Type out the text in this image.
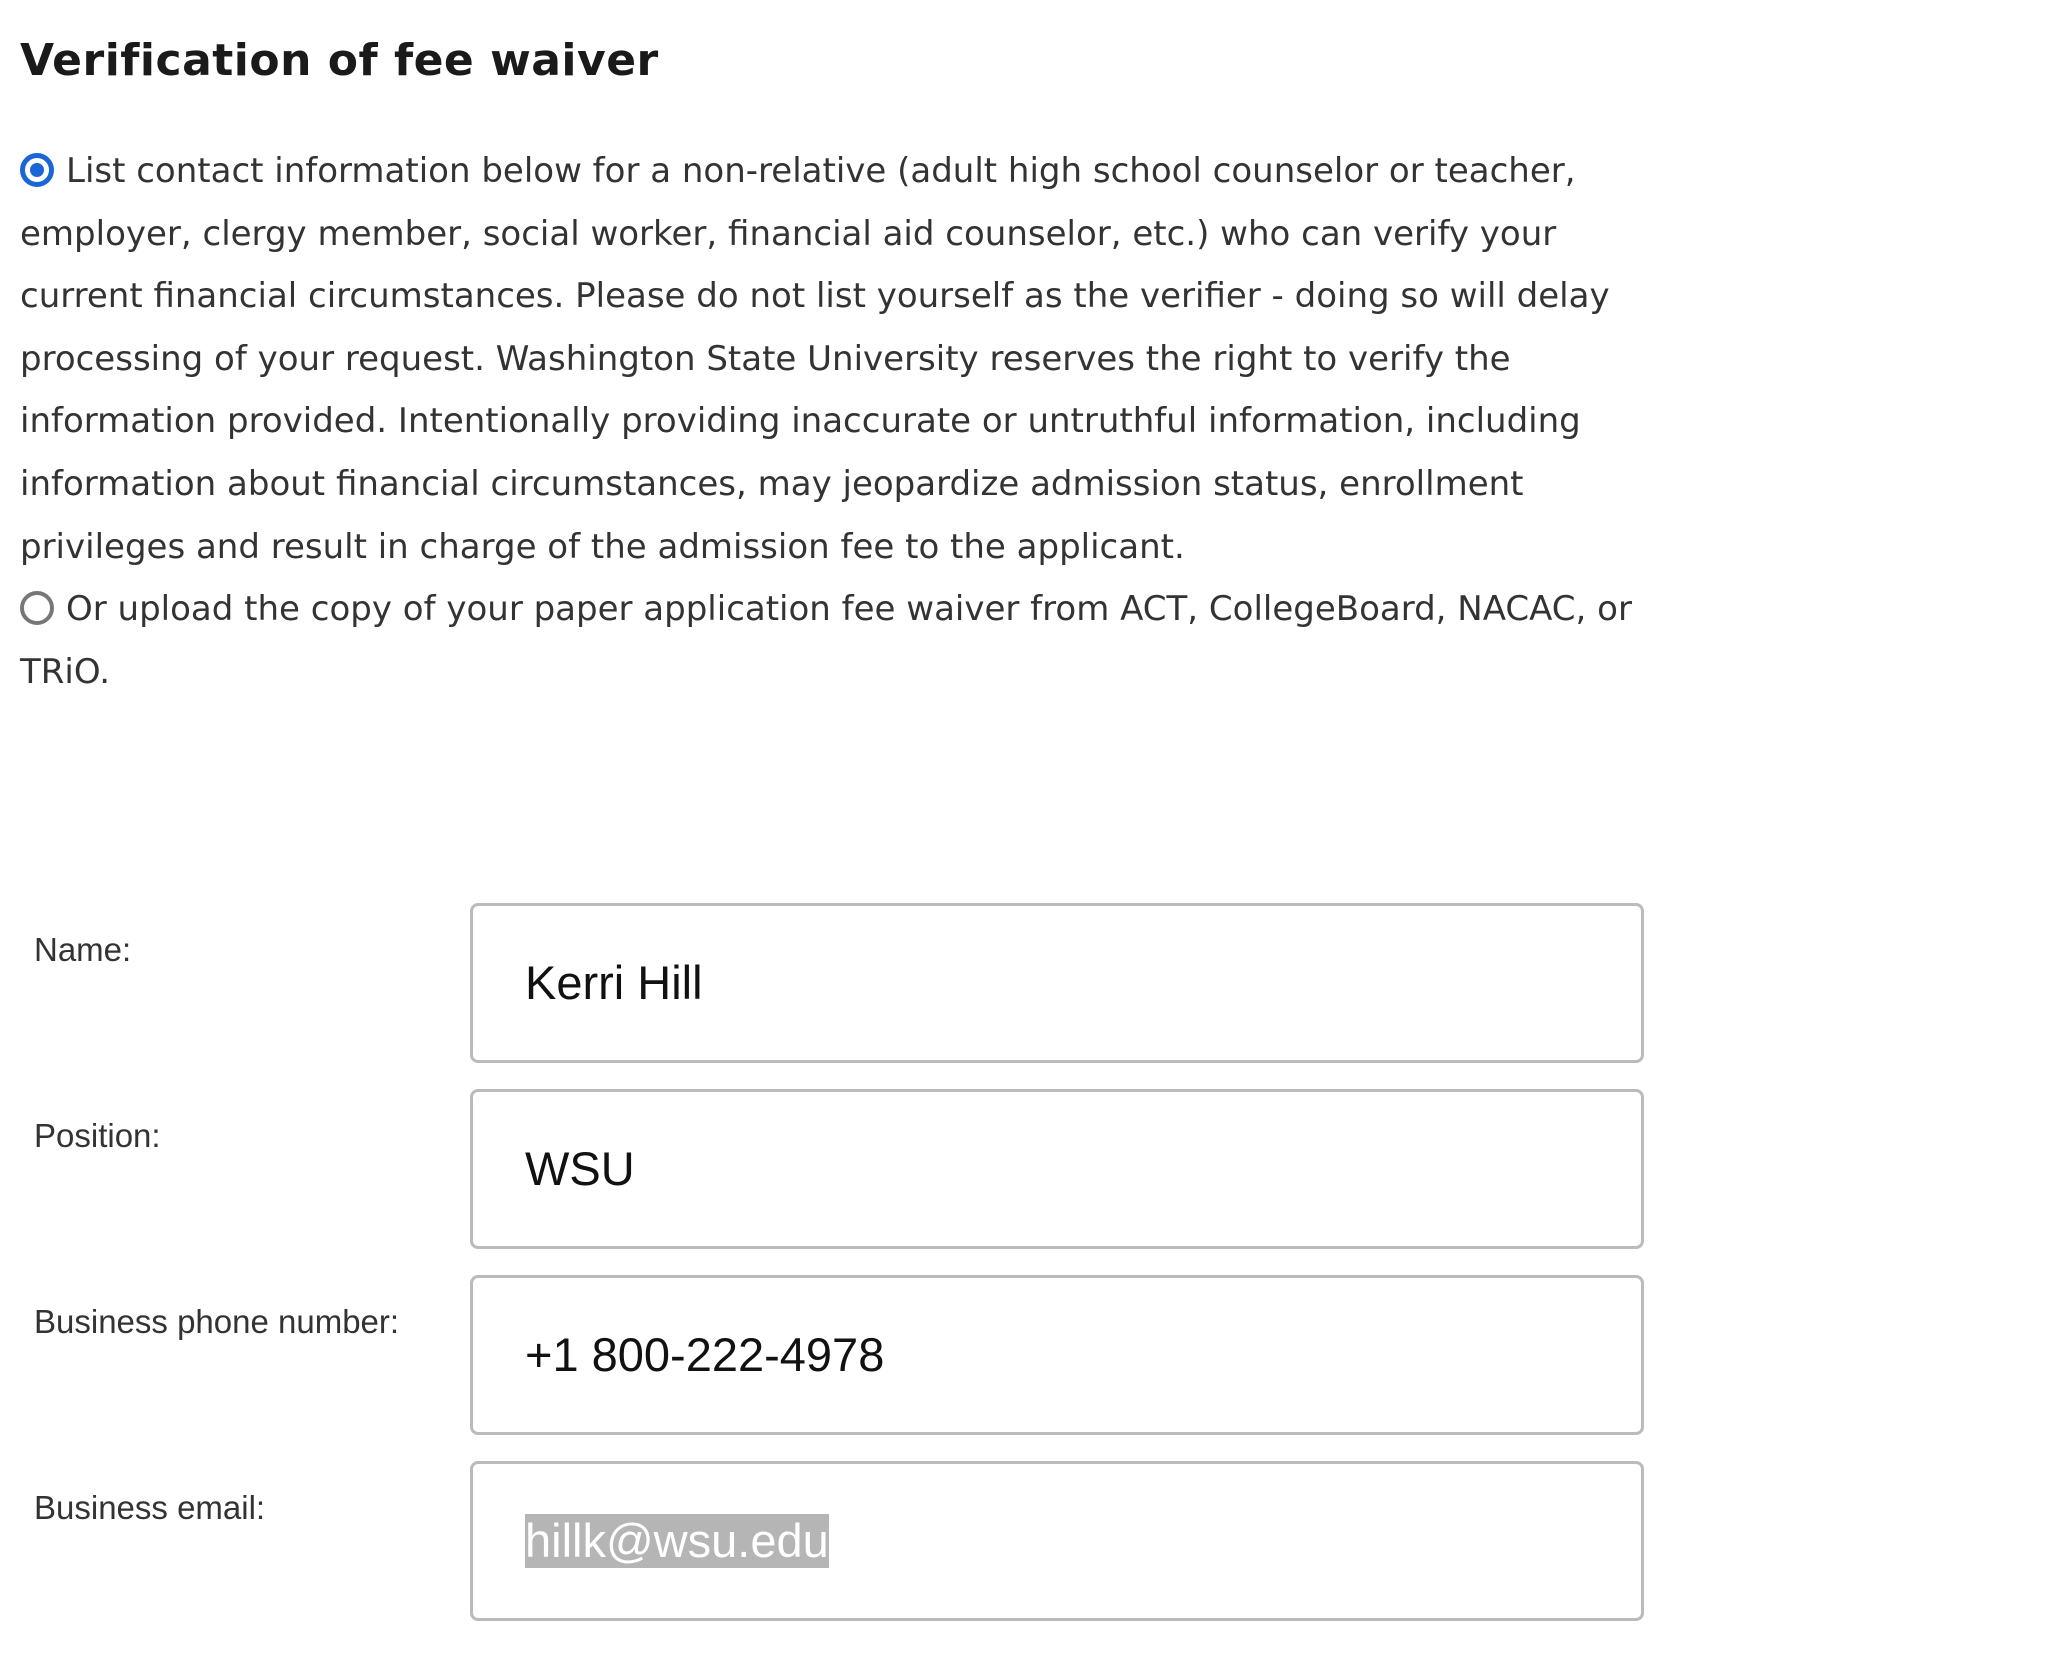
Verification of fee waiver
List contact information below for a non-relative (adult high school counselor or teacher,
employer, clergy member, social worker, financial aid counselor, etc.) who can verify your
current financial circumstances. Please do not list yourself as the verifier - doing so will delay
processing of your request. Washington State University reserves the right to verify the
information provided. Intentionally providing inaccurate or untruthful information, including
information about financial circumstances, may jeopardize admission status, enrollment
privileges and result in charge of the admission fee to the applicant.
Or upload the copy of your paper application fee waiver from ACT, CollegeBoard, NACAC, or
TRiO.
Name:
Kerri Hill
Position:
WSU
Business phone number:
+1 800-222-4978
Business email:
hillk@wsu.edu
